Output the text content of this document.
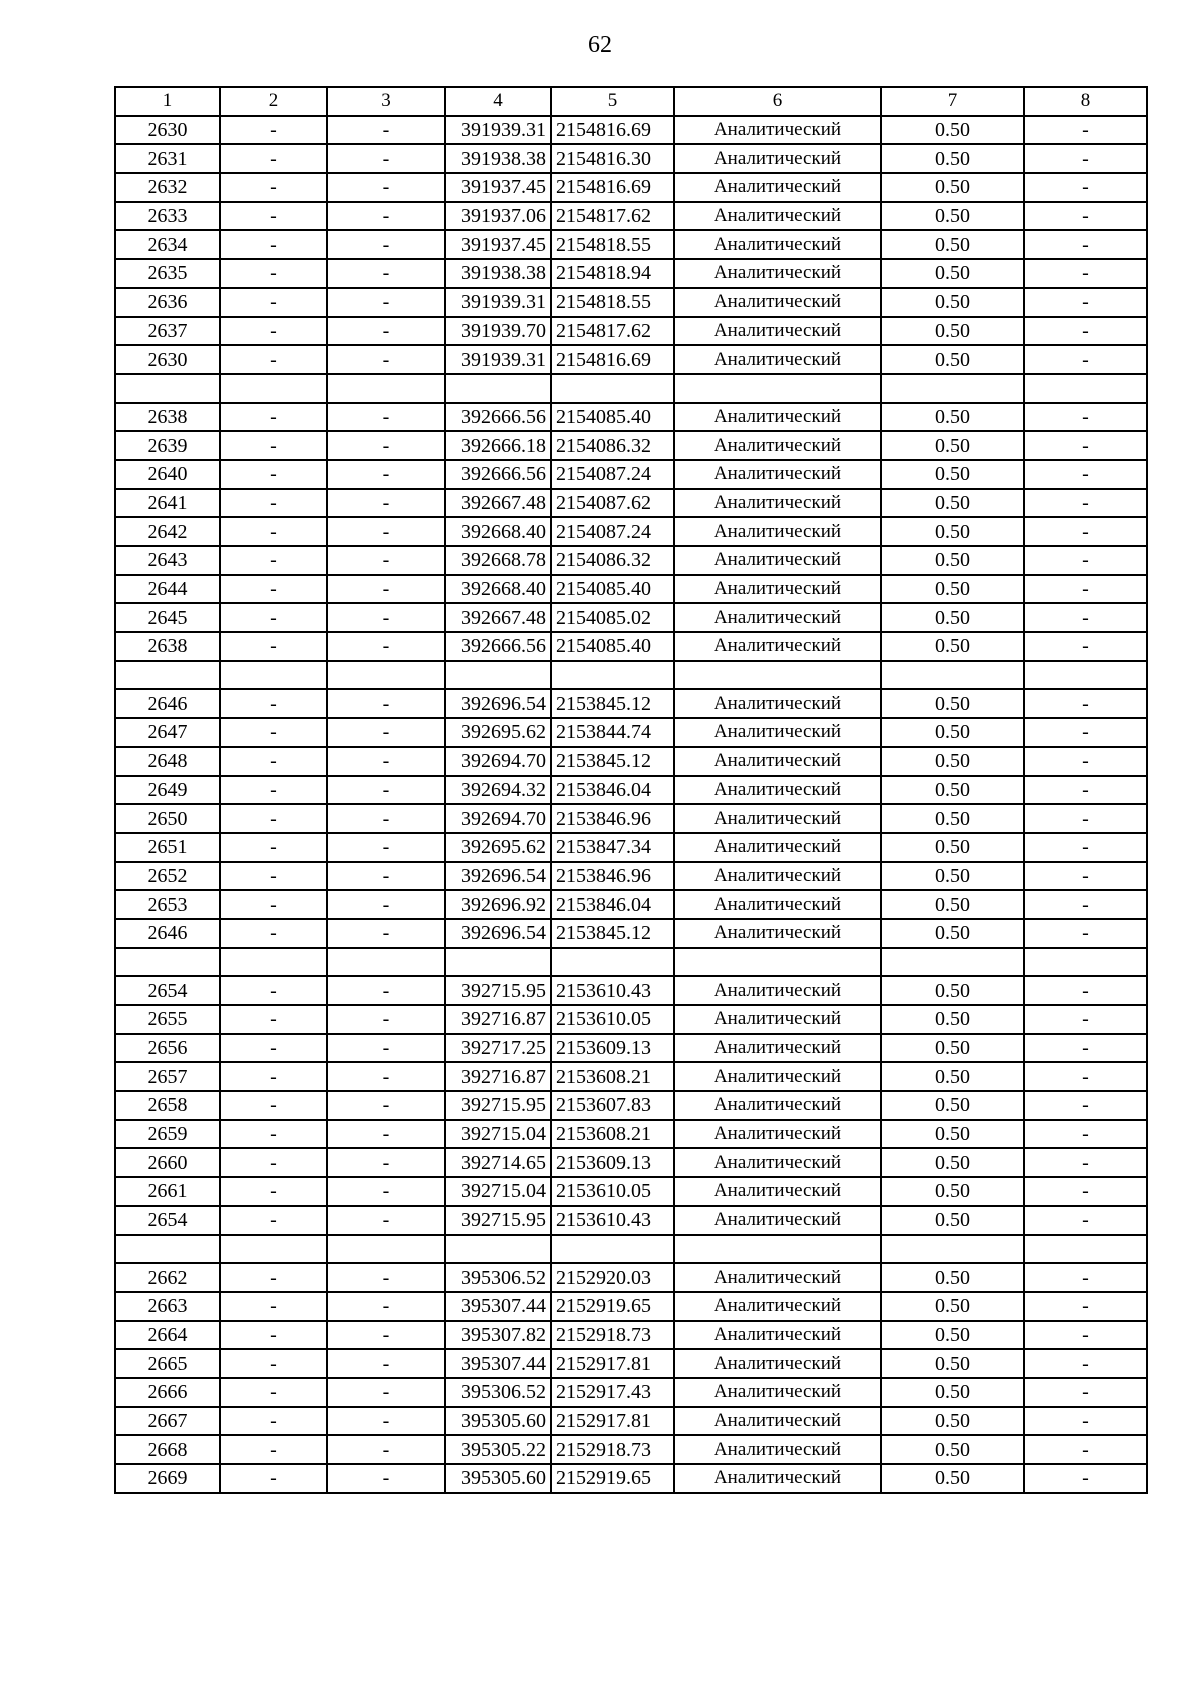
62
1	2	3	4	5	6	7	8
2630	-	-	391939.31	2154816.69	Аналитический	0.50	-
2631	-	-	391938.38	2154816.30	Аналитический	0.50	-
2632	-	-	391937.45	2154816.69	Аналитический	0.50	-
2633	-	-	391937.06	2154817.62	Аналитический	0.50	-
2634	-	-	391937.45	2154818.55	Аналитический	0.50	-
2635	-	-	391938.38	2154818.94	Аналитический	0.50	-
2636	-	-	391939.31	2154818.55	Аналитический	0.50	-
2637	-	-	391939.70	2154817.62	Аналитический	0.50	-
2630	-	-	391939.31	2154816.69	Аналитический	0.50	-

2638	-	-	392666.56	2154085.40	Аналитический	0.50	-
2639	-	-	392666.18	2154086.32	Аналитический	0.50	-
2640	-	-	392666.56	2154087.24	Аналитический	0.50	-
2641	-	-	392667.48	2154087.62	Аналитический	0.50	-
2642	-	-	392668.40	2154087.24	Аналитический	0.50	-
2643	-	-	392668.78	2154086.32	Аналитический	0.50	-
2644	-	-	392668.40	2154085.40	Аналитический	0.50	-
2645	-	-	392667.48	2154085.02	Аналитический	0.50	-
2638	-	-	392666.56	2154085.40	Аналитический	0.50	-

2646	-	-	392696.54	2153845.12	Аналитический	0.50	-
2647	-	-	392695.62	2153844.74	Аналитический	0.50	-
2648	-	-	392694.70	2153845.12	Аналитический	0.50	-
2649	-	-	392694.32	2153846.04	Аналитический	0.50	-
2650	-	-	392694.70	2153846.96	Аналитический	0.50	-
2651	-	-	392695.62	2153847.34	Аналитический	0.50	-
2652	-	-	392696.54	2153846.96	Аналитический	0.50	-
2653	-	-	392696.92	2153846.04	Аналитический	0.50	-
2646	-	-	392696.54	2153845.12	Аналитический	0.50	-

2654	-	-	392715.95	2153610.43	Аналитический	0.50	-
2655	-	-	392716.87	2153610.05	Аналитический	0.50	-
2656	-	-	392717.25	2153609.13	Аналитический	0.50	-
2657	-	-	392716.87	2153608.21	Аналитический	0.50	-
2658	-	-	392715.95	2153607.83	Аналитический	0.50	-
2659	-	-	392715.04	2153608.21	Аналитический	0.50	-
2660	-	-	392714.65	2153609.13	Аналитический	0.50	-
2661	-	-	392715.04	2153610.05	Аналитический	0.50	-
2654	-	-	392715.95	2153610.43	Аналитический	0.50	-

2662	-	-	395306.52	2152920.03	Аналитический	0.50	-
2663	-	-	395307.44	2152919.65	Аналитический	0.50	-
2664	-	-	395307.82	2152918.73	Аналитический	0.50	-
2665	-	-	395307.44	2152917.81	Аналитический	0.50	-
2666	-	-	395306.52	2152917.43	Аналитический	0.50	-
2667	-	-	395305.60	2152917.81	Аналитический	0.50	-
2668	-	-	395305.22	2152918.73	Аналитический	0.50	-
2669	-	-	395305.60	2152919.65	Аналитический	0.50	-
